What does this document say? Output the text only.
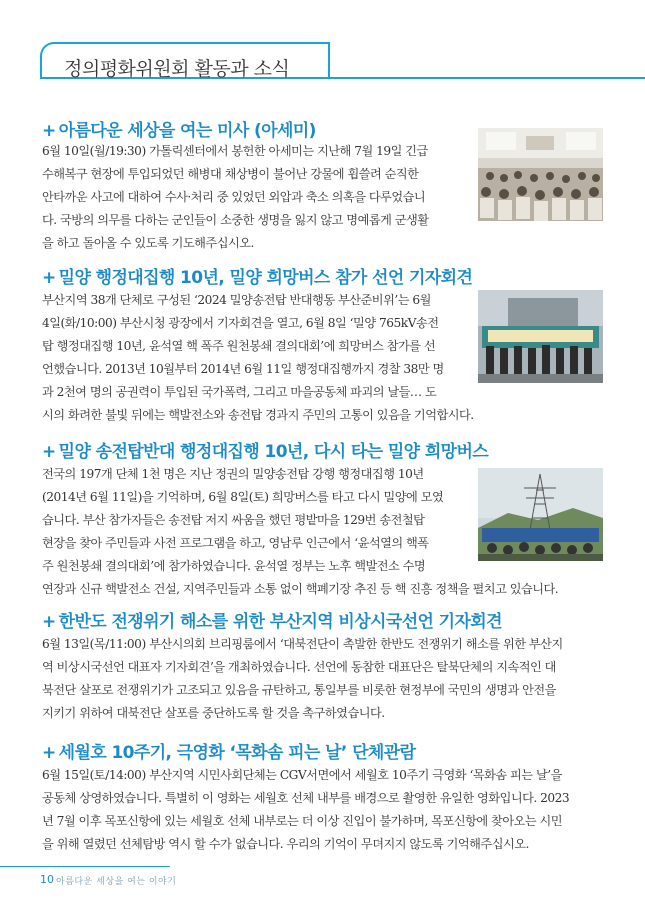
정의평화위원회 활동과 소식
+ 아름다운 세상을 여는 미사 (아세미)
6월 10일(월/19:30) 가톨릭센터에서 봉헌한 아세미는 지난해 7월 19일 긴급
수해복구 현장에 투입되었던 해병대 채상병이 불어난 강물에 휩쓸려 순직한
안타까운 사고에 대하여 수사·처리 중 있었던 외압과 축소 의혹을 다루었습니
다. 국방의 의무를 다하는 군인들이 소중한 생명을 잃지 않고 명예롭게 군생활
을 하고 돌아올 수 있도록 기도해주십시오.
+ 밀양 행정대집행 10년, 밀양 희망버스 참가 선언 기자회견
부산지역 38개 단체로 구성된 ‘2024 밀양송전탑 반대행동 부산준비위’는 6월
4일(화/10:00) 부산시청 광장에서 기자회견을 열고, 6월 8일 ‘밀양 765kV송전
탑 행정대집행 10년, 윤석열 핵 폭주 원천봉쇄 결의대회’에 희망버스 참가를 선
언했습니다. 2013년 10월부터 2014년 6월 11일 행정대집행까지 경찰 38만 명
과 2천여 명의 공권력이 투입된 국가폭력, 그리고 마을공동체 파괴의 날들… 도
시의 화려한 불빛 뒤에는 핵발전소와 송전탑 경과지 주민의 고통이 있음을 기억합시다.
+ 밀양 송전탑반대 행정대집행 10년, 다시 타는 밀양 희망버스
전국의 197개 단체 1천 명은 지난 정권의 밀양송전탑 강행 행정대집행 10년
(2014년 6월 11일)을 기억하며, 6월 8일(토) 희망버스를 타고 다시 밀양에 모였
습니다. 부산 참가자들은 송전탑 저지 싸움을 했던 평밭마을 129번 송전철탑
현장을 찾아 주민들과 사전 프로그램을 하고, 영남루 인근에서 ‘윤석열의 핵폭
주 원천봉쇄 결의대회’에 참가하였습니다. 윤석열 정부는 노후 핵발전소 수명
연장과 신규 핵발전소 건설, 지역주민들과 소통 없이 핵폐기장 추진 등 핵 진흥 정책을 펼치고 있습니다.
+ 한반도 전쟁위기 해소를 위한 부산지역 비상시국선언 기자회견
6월 13일(목/11:00) 부산시의회 브리핑룸에서 ‘대북전단이 촉발한 한반도 전쟁위기 해소를 위한 부산지
역 비상시국선언 대표자 기자회견’을 개최하였습니다. 선언에 동참한 대표단은 탈북단체의 지속적인 대
북전단 살포로 전쟁위기가 고조되고 있음을 규탄하고, 통일부를 비롯한 현정부에 국민의 생명과 안전을
지키기 위하여 대북전단 살포를 중단하도록 할 것을 촉구하였습니다.
+ 세월호 10주기, 극영화 ‘목화솜 피는 날’ 단체관람
6월 15일(토/14:00) 부산지역 시민사회단체는 CGV서면에서 세월호 10주기 극영화 ‘목화솜 피는 날’을
공동체 상영하였습니다. 특별히 이 영화는 세월호 선체 내부를 배경으로 촬영한 유일한 영화입니다. 2023
년 7월 이후 목포신항에 있는 세월호 선체 내부로는 더 이상 진입이 불가하며, 목포신항에 찾아오는 시민
을 위해 열렸던 선체탐방 역시 할 수가 없습니다. 우리의 기억이 무뎌지지 않도록 기억해주십시오.
10 아름다운 세상을 여는 이야기
